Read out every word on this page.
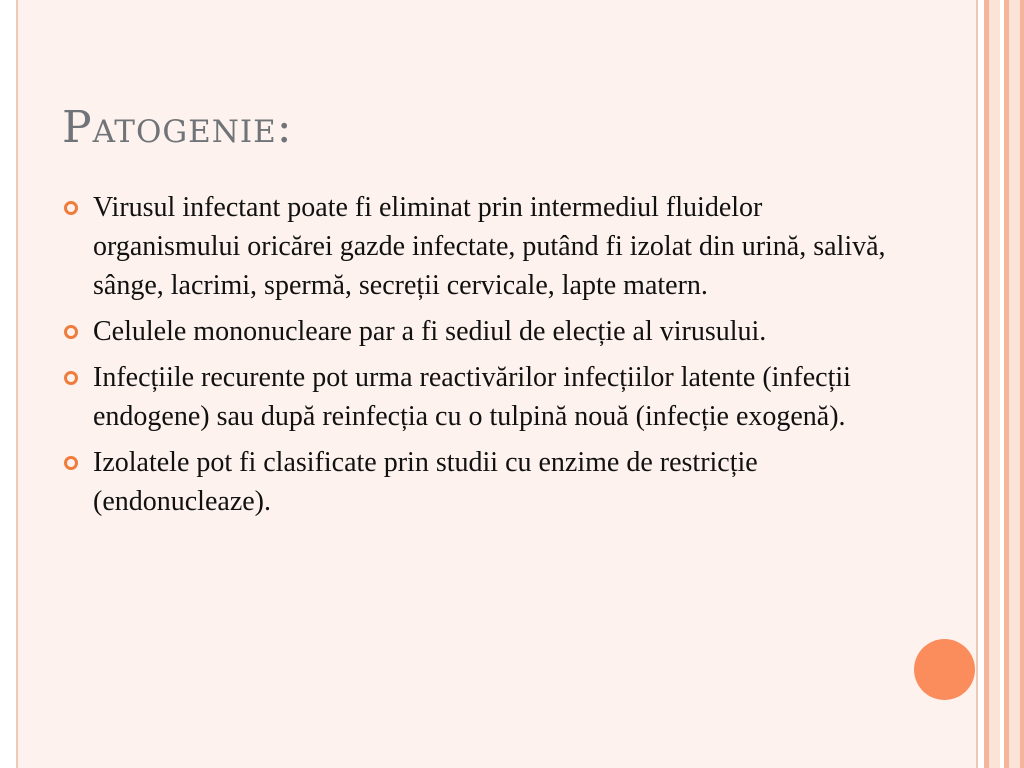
Patogenie:
Virusul infectant poate fi eliminat prin intermediul fluidelor organismului oricărei gazde infectate, putând fi izolat din urină, salivă, sânge, lacrimi, spermă, secreții cervicale, lapte matern.
Celulele mononucleare par a fi sediul de elecție al virusului.
Infecțiile recurente pot urma reactivărilor infecțiilor latente (infecții endogene) sau după reinfecția cu o tulpină nouă (infecție exogenă).
Izolatele pot fi clasificate prin studii cu enzime de restricție (endonucleaze).
